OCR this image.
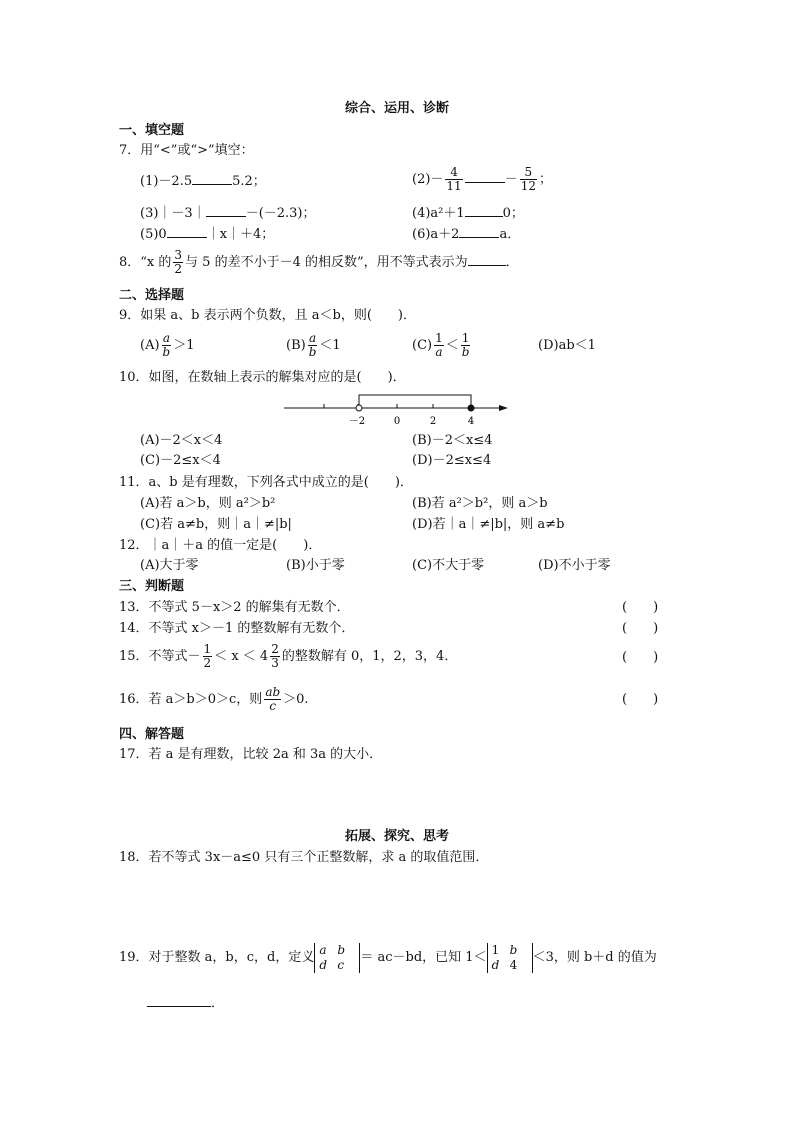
综合、运用、诊断
一、填空题
7．用“<”或“>”填空：
(1)－2.5	5.2；	$(2)- \frac{4}{11}$	－ $\frac{5}{12}$ ；
(3)｜－3｜	－(－2.3)；	(4)a²＋1	0；
(5)0	｜x｜＋4；	(6)a＋2	a．
8．“x 的 $\frac{3}{2}$ 与 5 的差不小于－4 的相反数”，用不等式表示为	．
二、选择题
9．如果 a、b 表示两个负数，且 a＜b，则(　　)．
$(A) \frac{a}{b} >1$	$(B) \frac{a}{b} <1$	$(C) \frac{1}{a} < \frac{1}{b}$	(D)ab＜1
10．如图，在数轴上表示的解集对应的是(　　)．
－2	0	2	4
(A)－2＜x＜4	(B)－2＜x≤4
(C)－2≤x＜4	(D)－2≤x≤4
11．a、b 是有理数，下列各式中成立的是(　　)．
(A)若 a＞b，则 a²＞b²	(B)若 a²＞b²，则 a＞b
(C)若 a≠b，则｜a｜≠|b|	(D)若｜a｜≠|b|，则 a≠b
12．｜a｜＋a 的值一定是(　　)．
(A)大于零	(B)小于零	(C)不大于零	(D)不小于零
三、判断题
13．不等式 5－x＞2 的解集有无数个．	(　　)
14．不等式 x＞－1 的整数解有无数个．	(　　)
15．不等式－ $\frac{1}{2} < x < 4 \frac{2}{3}$ 的整数解有 0，1，2，3，4．	(　　)
16．若 a＞b＞0＞c，则 $\frac{ab}{c} >0$.	(　　)
四、解答题
17．若 a 是有理数，比较 2a 和 3a 的大小．
拓展、探究、思考
18．若不等式 3x－a≤0 只有三个正整数解，求 a 的取值范围．
19．对于整数 a，b，c，d，定义
a b
d c	＝ ac－bd，已知 1＜
1 b
d 4	＜3，则 b＋d 的值为
．
